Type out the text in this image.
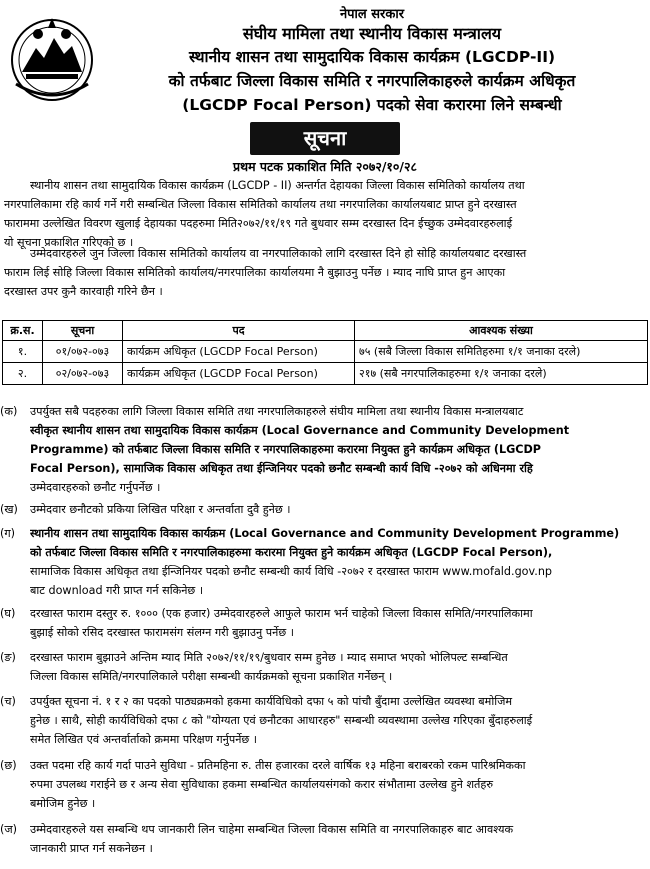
नेपाल सरकार
संघीय मामिला तथा स्थानीय विकास मन्त्रालय
स्थानीय शासन तथा सामुदायिक विकास कार्यक्रम (LGCDP-II)
को तर्फबाट जिल्ला विकास समिति र नगरपालिकाहरुले कार्यक्रम अधिकृत
(LGCDP Focal Person) पदको सेवा करारमा लिने सम्बन्धी
सूचना
प्रथम पटक प्रकाशित मिति २०७२/१०/२८
स्थानीय शासन तथा सामुदायिक विकास कार्यक्रम (LGCDP - II) अन्तर्गत देहायका जिल्ला विकास समितिको कार्यालय तथा
नगरपालिकामा रहि कार्य गर्ने गरी सम्बन्धित जिल्ला विकास समितिको कार्यालय तथा नगरपालिका कार्यालयबाट प्राप्त हुने दरखास्त
फाराममा उल्लेखित विवरण खुलाई देहायका पदहरुमा मिति२०७२/११/१९ गते बुधवार सम्म दरखास्त दिन ईच्छुक उम्मेदवारहरुलाई
यो सूचना प्रकाशित गरिएको छ ।
उम्मेदवारहरुले जुन जिल्ला विकास समितिको कार्यालय वा नगरपालिकाको लागि दरखास्त दिने हो सोहि कार्यालयबाट दरखास्त
फाराम लिई सोहि जिल्ला विकास समितिको कार्यालय/नगरपालिका कार्यालयमा नै बुझाउनु पर्नेछ । म्याद नाघि प्राप्त हुन आएका
दरखास्त उपर कुनै कारवाही गरिने छैन ।
क्र.स.	सूचना	पद	आवश्यक संख्या
१.	०१/०७२-०७३	कार्यक्रम अधिकृत (LGCDP Focal Person)	७५ (सबै जिल्ला विकास समितिहरुमा १/१ जनाका दरले)
२.	०२/०७२-०७३	कार्यक्रम अधिकृत (LGCDP Focal Person)	२१७ (सबै नगरपालिकाहरुमा १/१ जनाका दरले)
(क)	उपर्युक्त सबै पदहरुका लागि जिल्ला विकास समिति तथा नगरपालिकाहरुले संघीय मामिला तथा स्थानीय विकास मन्त्रालयबाट
स्वीकृत स्थानीय शासन तथा सामुदायिक विकास कार्यक्रम (Local Governance and Community Development
Programme) को तर्फबाट जिल्ला विकास समिति र नगरपालिकाहरुमा करारमा नियुक्त हुने कार्यक्रम अधिकृत (LGCDP
Focal Person), सामाजिक विकास अधिकृत तथा ईन्जिनियर पदको छनौट सम्बन्धी कार्य विधि -२०७२ को अधिनमा रहि
उम्मेदवारहरुको छनौट गर्नुपर्नेछ ।
(ख)	उम्मेदवार छनौटको प्रकिया लिखित परिक्षा र अन्तर्वाता दुवै हुनेछ ।
(ग)	स्थानीय शासन तथा सामुदायिक विकास कार्यक्रम (Local Governance and Community Development Programme)
को तर्फबाट जिल्ला विकास समिति र नगरपालिकाहरुमा करारमा नियुक्त हुने कार्यक्रम अधिकृत (LGCDP Focal Person),
सामाजिक विकास अधिकृत तथा ईन्जिनियर पदको छनौट सम्बन्धी कार्य विधि -२०७२ र दरखास्त फाराम www.mofald.gov.np
बाट download गरी प्राप्त गर्न सकिनेछ ।
(घ)	दरखास्त फाराम दस्तुर रु. १००० (एक हजार) उम्मेदवारहरुले आफुले फाराम भर्न चाहेको जिल्ला विकास समिति/नगरपालिकामा
बुझाई सोको रसिद दरखास्त फारामसंग संलग्न गरी बुझाउनु पर्नेछ ।
(ङ)	दरखास्त फाराम बुझाउने अन्तिम म्याद मिति २०७२/११/१९/बुधवार सम्म हुनेछ । म्याद समाप्त भएको भोलिपल्ट सम्बन्धित
जिल्ला विकास समिति/नगरपालिकाले परीक्षा सम्बन्धी कार्यक्रमको सूचना प्रकाशित गर्नेछन् ।
(च)	उपर्युक्त सूचना नं. १ र २ का पदको पाठ्यक्रमको हकमा कार्यविधिको दफा ५ को पांचौ बुँदामा उल्लेखित व्यवस्था बमोजिम
हुनेछ । साथै, सोही कार्यविधिको दफा ८ को "योग्यता एवं छनौटका आधारहरु" सम्बन्धी व्यवस्थामा उल्लेख गरिएका बुँदाहरुलाई
समेत लिखित एवं अन्तर्वार्ताको क्रममा परिक्षण गर्नुपर्नेछ ।
(छ)	उक्त पदमा रहि कार्य गर्दा पाउने सुविधा - प्रतिमहिना रु. तीस हजारका दरले वार्षिक १३ महिना बराबरको रकम पारिश्रमिकका
रुपमा उपलब्ध गराईने छ र अन्य सेवा सुविधाका हकमा सम्बन्धित कार्यालयसंगको करार संभौतामा उल्लेख हुने शर्तहरु
बमोजिम हुनेछ ।
(ज)	उम्मेदवारहरुले यस सम्बन्धि थप जानकारी लिन चाहेमा सम्बन्धित जिल्ला विकास समिति वा नगरपालिकाहरु बाट आवश्यक
जानकारी प्राप्त गर्न सकनेछन ।
